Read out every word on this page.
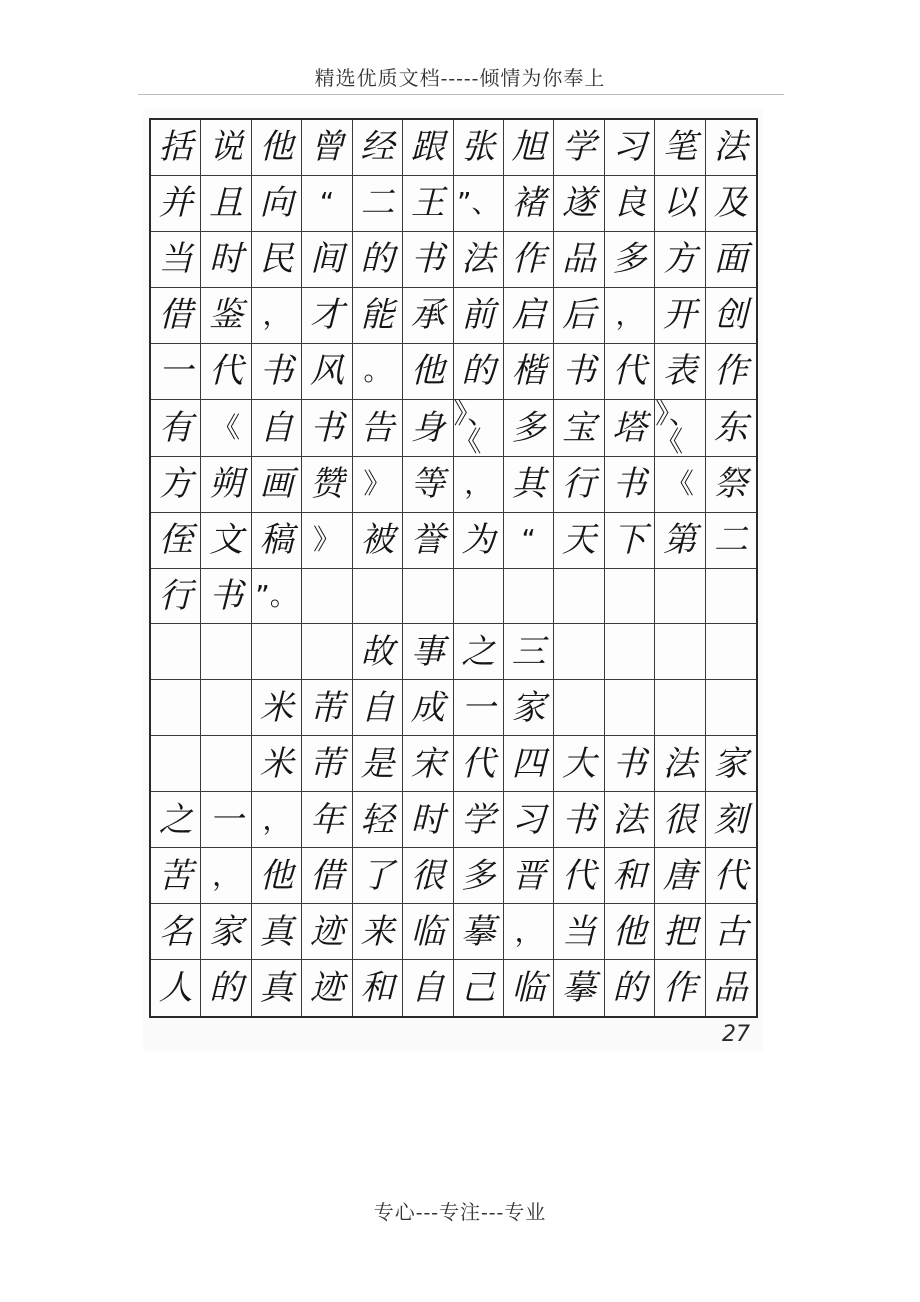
精选优质文档-----倾情为你奉上
括 说 他 曾 经 跟 张 旭 学 习 笔 法
并 且 向 “ 二 王 ”、 褚 遂 良 以 及
当 时 民 间 的 书 法 作 品 多 方 面
借 鉴 ， 才 能 承 前 启 后 ， 开 创
一 代 书 风 。 他 的 楷 书 代 表 作
有 《 自 书 告 身 》、《 多 宝 塔 》、《 东
方 朔 画 赞 》 等 ， 其 行 书 《 祭
侄 文 稿 》 被 誉 为 “ 天 下 第 二
行 书 ”。
故 事 之 三
米 芾 自 成 一 家
米 芾 是 宋 代 四 大 书 法 家
之 一 ， 年 轻 时 学 习 书 法 很 刻
苦 ， 他 借 了 很 多 晋 代 和 唐 代
名 家 真 迹 来 临 摹 ， 当 他 把 古
人 的 真 迹 和 自 己 临 摹 的 作 品
27
专心---专注---专业
